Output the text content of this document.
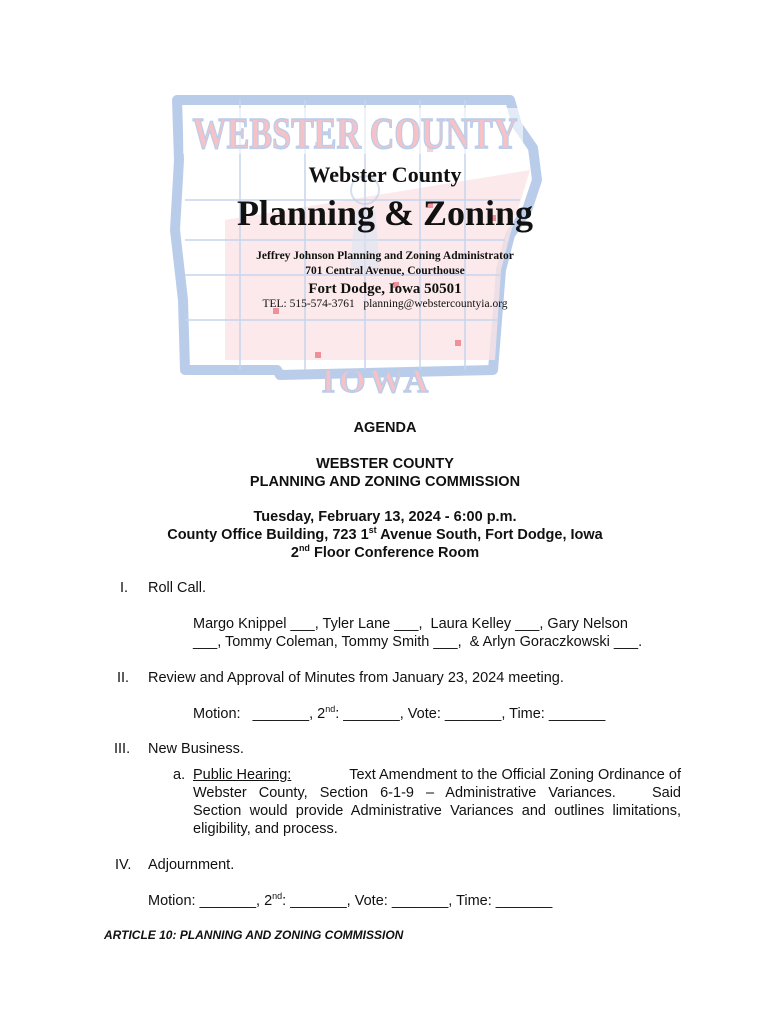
WEBSTER COUNTY
IOWA
Webster County
Planning & Zoning
Jeffrey Johnson Planning and Zoning Administrator
701 Central Avenue, Courthouse
Fort Dodge, Iowa 50501
TEL: 515-574-3761   planning@webstercountyia.org
AGENDA
WEBSTER COUNTY
PLANNING AND ZONING COMMISSION
Tuesday, February 13, 2024 - 6:00 p.m.
County Office Building, 723 1st Avenue South, Fort Dodge, Iowa
2nd Floor Conference Room
I. Roll Call.
Margo Knippel ___, Tyler Lane ___,  Laura Kelley ___, Gary Nelson
___, Tommy Coleman, Tommy Smith ___,  & Arlyn Goraczkowski ___.
II. Review and Approval of Minutes from January 23, 2024 meeting.
Motion:   _______, 2nd: _______, Vote: _______, Time: _______
III. New Business.
a. Public Hearing:	Text Amendment to the Official Zoning Ordinance of
Webster County, Section 6-1-9 – Administrative Variances.   Said
Section would provide Administrative Variances and outlines limitations,
eligibility, and process.
IV. Adjournment.
Motion: _______, 2nd: _______, Vote: _______, Time: _______
ARTICLE 10: PLANNING AND ZONING COMMISSION
